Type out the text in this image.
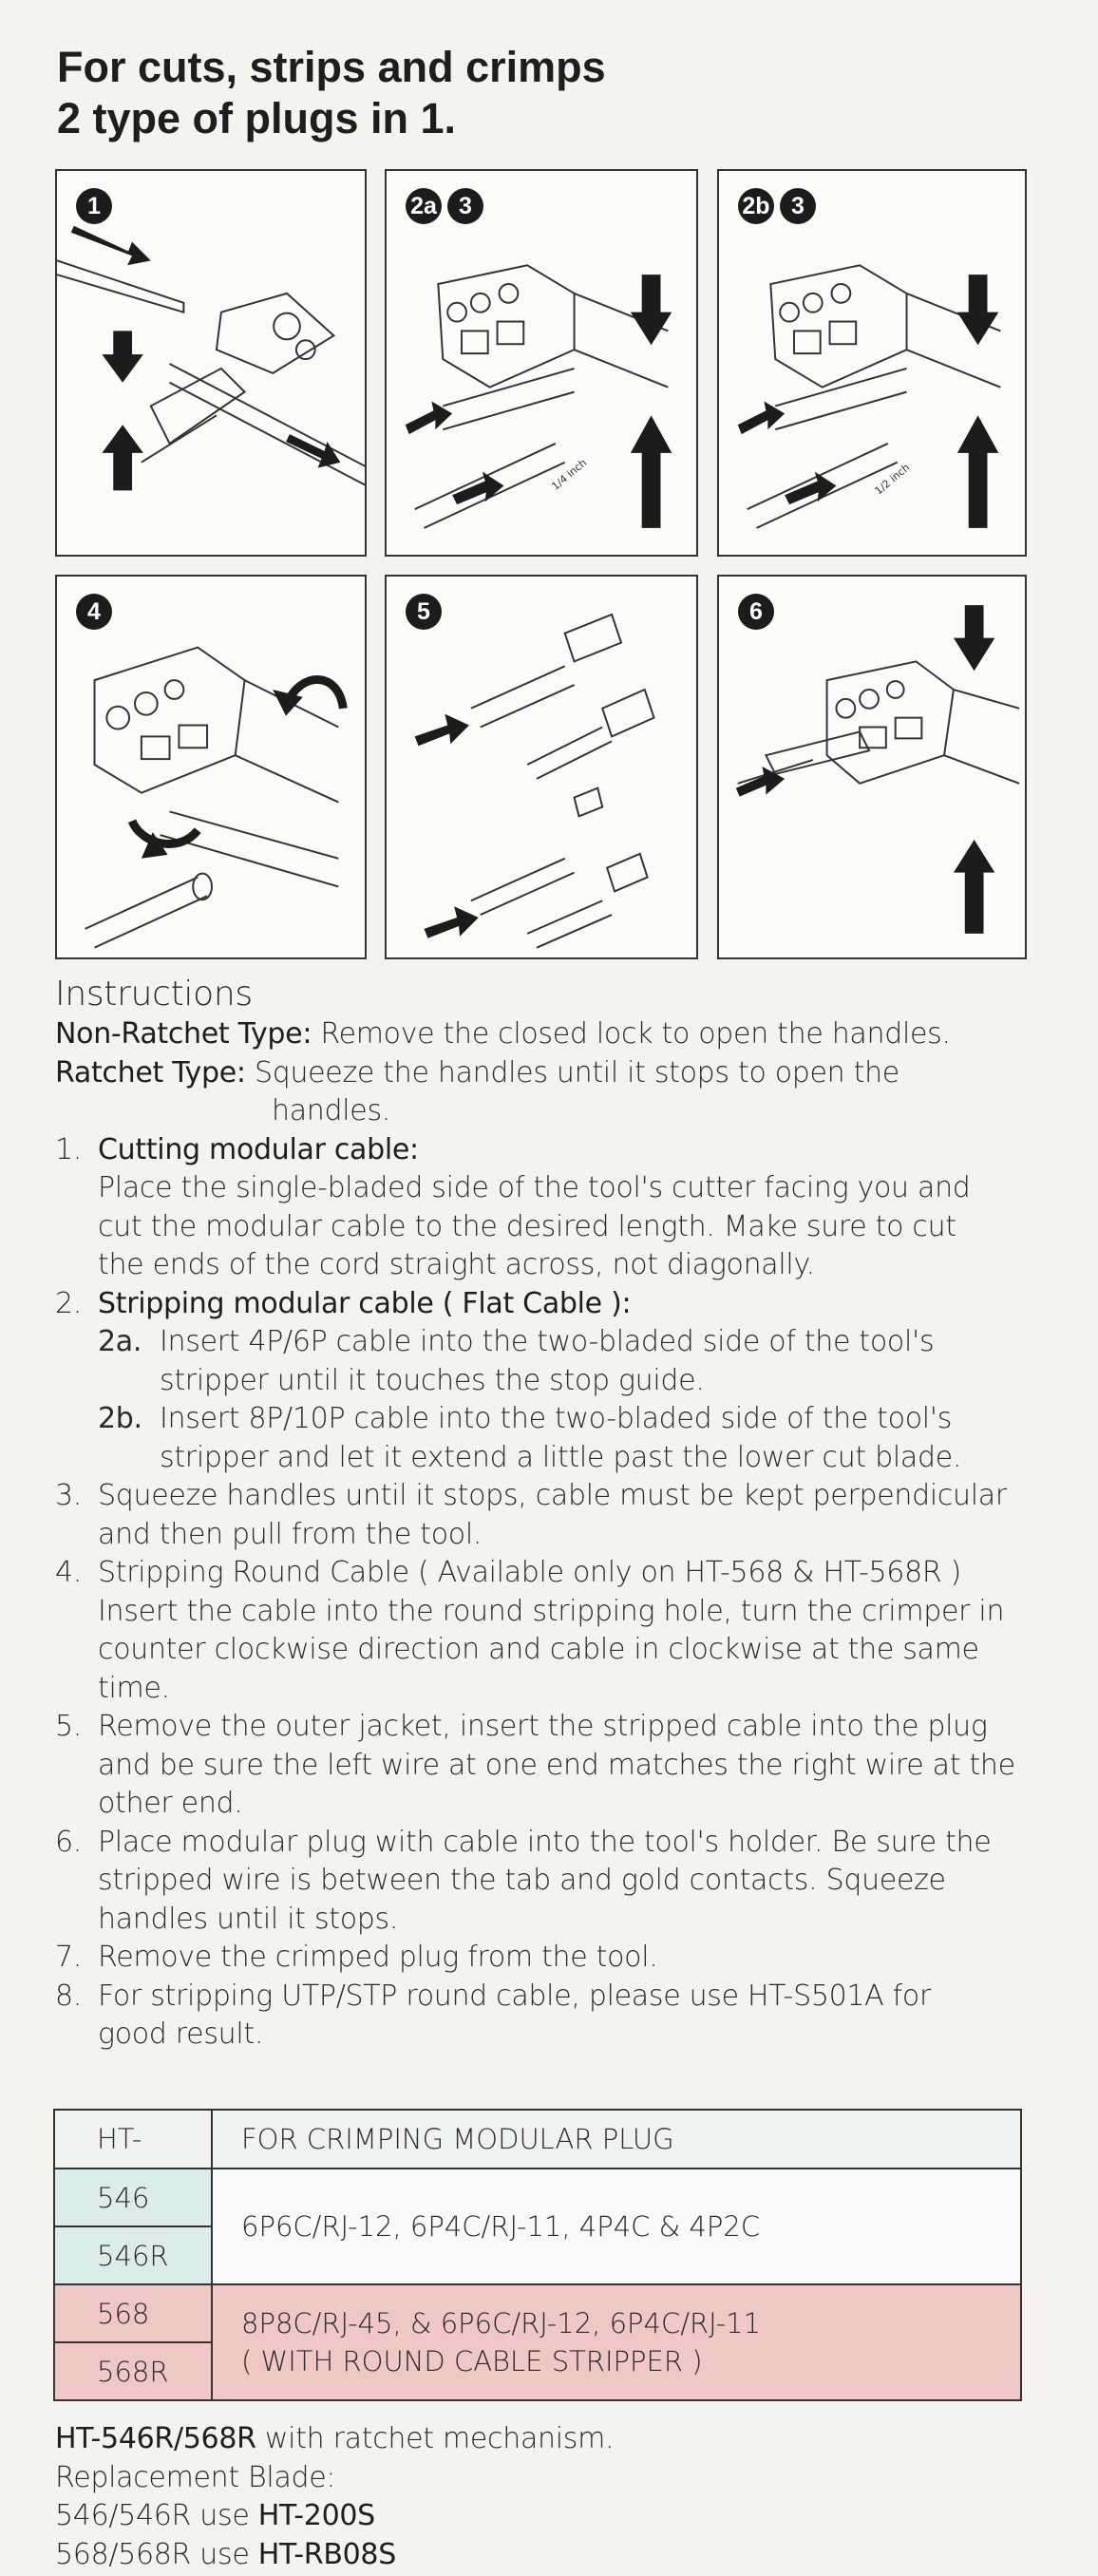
For cuts, strips and crimps
2 type of plugs in 1.
1
1/4 inch
2a 3
1/2 inch
2b 3
4	5	6
Instructions
Non-Ratchet Type: Remove the closed lock to open the handles.
Ratchet Type: Squeeze the handles until it stops to open the
handles.
1. Cutting modular cable:
Place the single-bladed side of the tool's cutter facing you and
cut the modular cable to the desired length. Make sure to cut
the ends of the cord straight across, not diagonally.
2. Stripping modular cable ( Flat Cable ):
2a. Insert 4P/6P cable into the two-bladed side of the tool's
stripper until it touches the stop guide.
2b. Insert 8P/10P cable into the two-bladed side of the tool's
stripper and let it extend a little past the lower cut blade.
3. Squeeze handles until it stops, cable must be kept perpendicular
and then pull from the tool.
4. Stripping Round Cable ( Available only on HT-568 & HT-568R )
Insert the cable into the round stripping hole, turn the crimper in
counter clockwise direction and cable in clockwise at the same
time.
5. Remove the outer jacket, insert the stripped cable into the plug
and be sure the left wire at one end matches the right wire at the
other end.
6. Place modular plug with cable into the tool's holder. Be sure the
stripped wire is between the tab and gold contacts. Squeeze
handles until it stops.
7. Remove the crimped plug from the tool.
8. For stripping UTP/STP round cable, please use HT-S501A for
good result.
HT-	FOR CRIMPING MODULAR PLUG
546	6P6C/RJ-12, 6P4C/RJ-11, 4P4C & 4P2C
546R	
568	8P8C/RJ-45, & 6P6C/RJ-12, 6P4C/RJ-11
( WITH ROUND CABLE STRIPPER )

568R	
HT-546R/568R with ratchet mechanism.
Replacement Blade:
546/546R use HT-200S
568/568R use HT-RB08S
